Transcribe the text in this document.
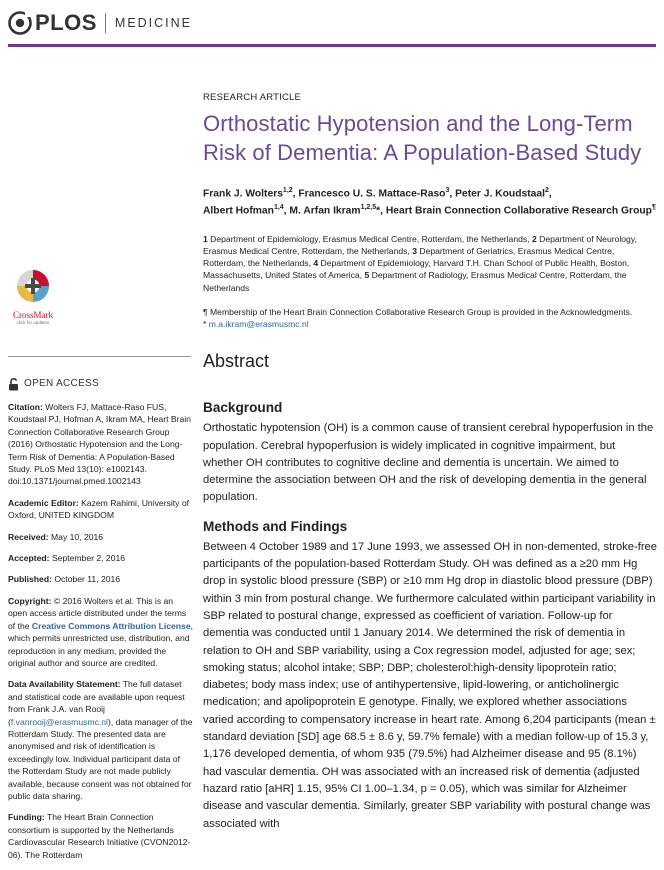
PLOS MEDICINE
CrossMark
click for updates
OPEN ACCESS

Citation: Wolters FJ, Mattace-Raso FUS, Koudstaal PJ, Hofman A, Ikram MA, Heart Brain Connection Collaborative Research Group (2016) Orthostatic Hypotension and the Long-Term Risk of Dementia: A Population-Based Study. PLoS Med 13(10): e1002143. doi:10.1371/journal.pmed.1002143

Academic Editor: Kazem Rahimi, University of Oxford, UNITED KINGDOM

Received: May 10, 2016

Accepted: September 2, 2016

Published: October 11, 2016

Copyright: © 2016 Wolters et al. This is an open access article distributed under the terms of the Creative Commons Attribution License, which permits unrestricted use, distribution, and reproduction in any medium, provided the original author and source are credited.

Data Availability Statement: The full dataset and statistical code are available upon request from Frank J.A. van Rooij (f.vanrooij@erasmusmc.nl), data manager of the Rotterdam Study. The presented data are anonymised and risk of identification is exceedingly low. Individual participant data of the Rotterdam Study are not made publicly available, because consent was not obtained for public data sharing.

Funding: The Heart Brain Connection consortium is supported by the Netherlands Cardiovascular Research Initiative (CVON2012-06). The Rotterdam

RESEARCH ARTICLE
Orthostatic Hypotension and the Long-Term
Risk of Dementia: A Population-Based Study
Frank J. Wolters$^{1,2}$, Francesco U. S. Mattace-Raso$^3$, Peter J. Koudstaal$^2$,
Albert Hofman$^{1,4}$, M. Arfan Ikram$^{1,2,5}$*, Heart Brain Connection Collaborative Research Group¶
1 Department of Epidemiology, Erasmus Medical Centre, Rotterdam, the Netherlands, 2 Department of Neurology, Erasmus Medical Centre, Rotterdam, the Netherlands, 3 Department of Geriatrics, Erasmus Medical Centre, Rotterdam, the Netherlands, 4 Department of Epidemiology, Harvard T.H. Chan School of Public Health, Boston, Massachusetts, United States of America, 5 Department of Radiology, Erasmus Medical Centre, Rotterdam, the Netherlands
¶ Membership of the Heart Brain Connection Collaborative Research Group is provided in the Acknowledgments.
* m.a.ikram@erasmusmc.nl
Abstract
Background
Orthostatic hypotension (OH) is a common cause of transient cerebral hypoperfusion in the population. Cerebral hypoperfusion is widely implicated in cognitive impairment, but whether OH contributes to cognitive decline and dementia is uncertain. We aimed to determine the association between OH and the risk of developing dementia in the general population.
Methods and Findings
Between 4 October 1989 and 17 June 1993, we assessed OH in non-demented, stroke-free participants of the population-based Rotterdam Study. OH was defined as a ≥20 mm Hg drop in systolic blood pressure (SBP) or ≥10 mm Hg drop in diastolic blood pressure (DBP) within 3 min from postural change. We furthermore calculated within participant variability in SBP related to postural change, expressed as coefficient of variation. Follow-up for dementia was conducted until 1 January 2014. We determined the risk of dementia in relation to OH and SBP variability, using a Cox regression model, adjusted for age; sex; smoking status; alcohol intake; SBP; DBP; cholesterol:high-density lipoprotein ratio; diabetes; body mass index; use of antihypertensive, lipid-lowering, or anticholinergic medication; and apolipoprotein E genotype. Finally, we explored whether associations varied according to compensatory increase in heart rate. Among 6,204 participants (mean ± standard deviation [SD] age 68.5 ± 8.6 y, 59.7% female) with a median follow-up of 15.3 y, 1,176 developed dementia, of whom 935 (79.5%) had Alzheimer disease and 95 (8.1%) had vascular dementia. OH was associated with an increased risk of dementia (adjusted hazard ratio [aHR] 1.15, 95% CI 1.00–1.34, p = 0.05), which was similar for Alzheimer disease and vascular dementia. Similarly, greater SBP variability with postural change was associated with
